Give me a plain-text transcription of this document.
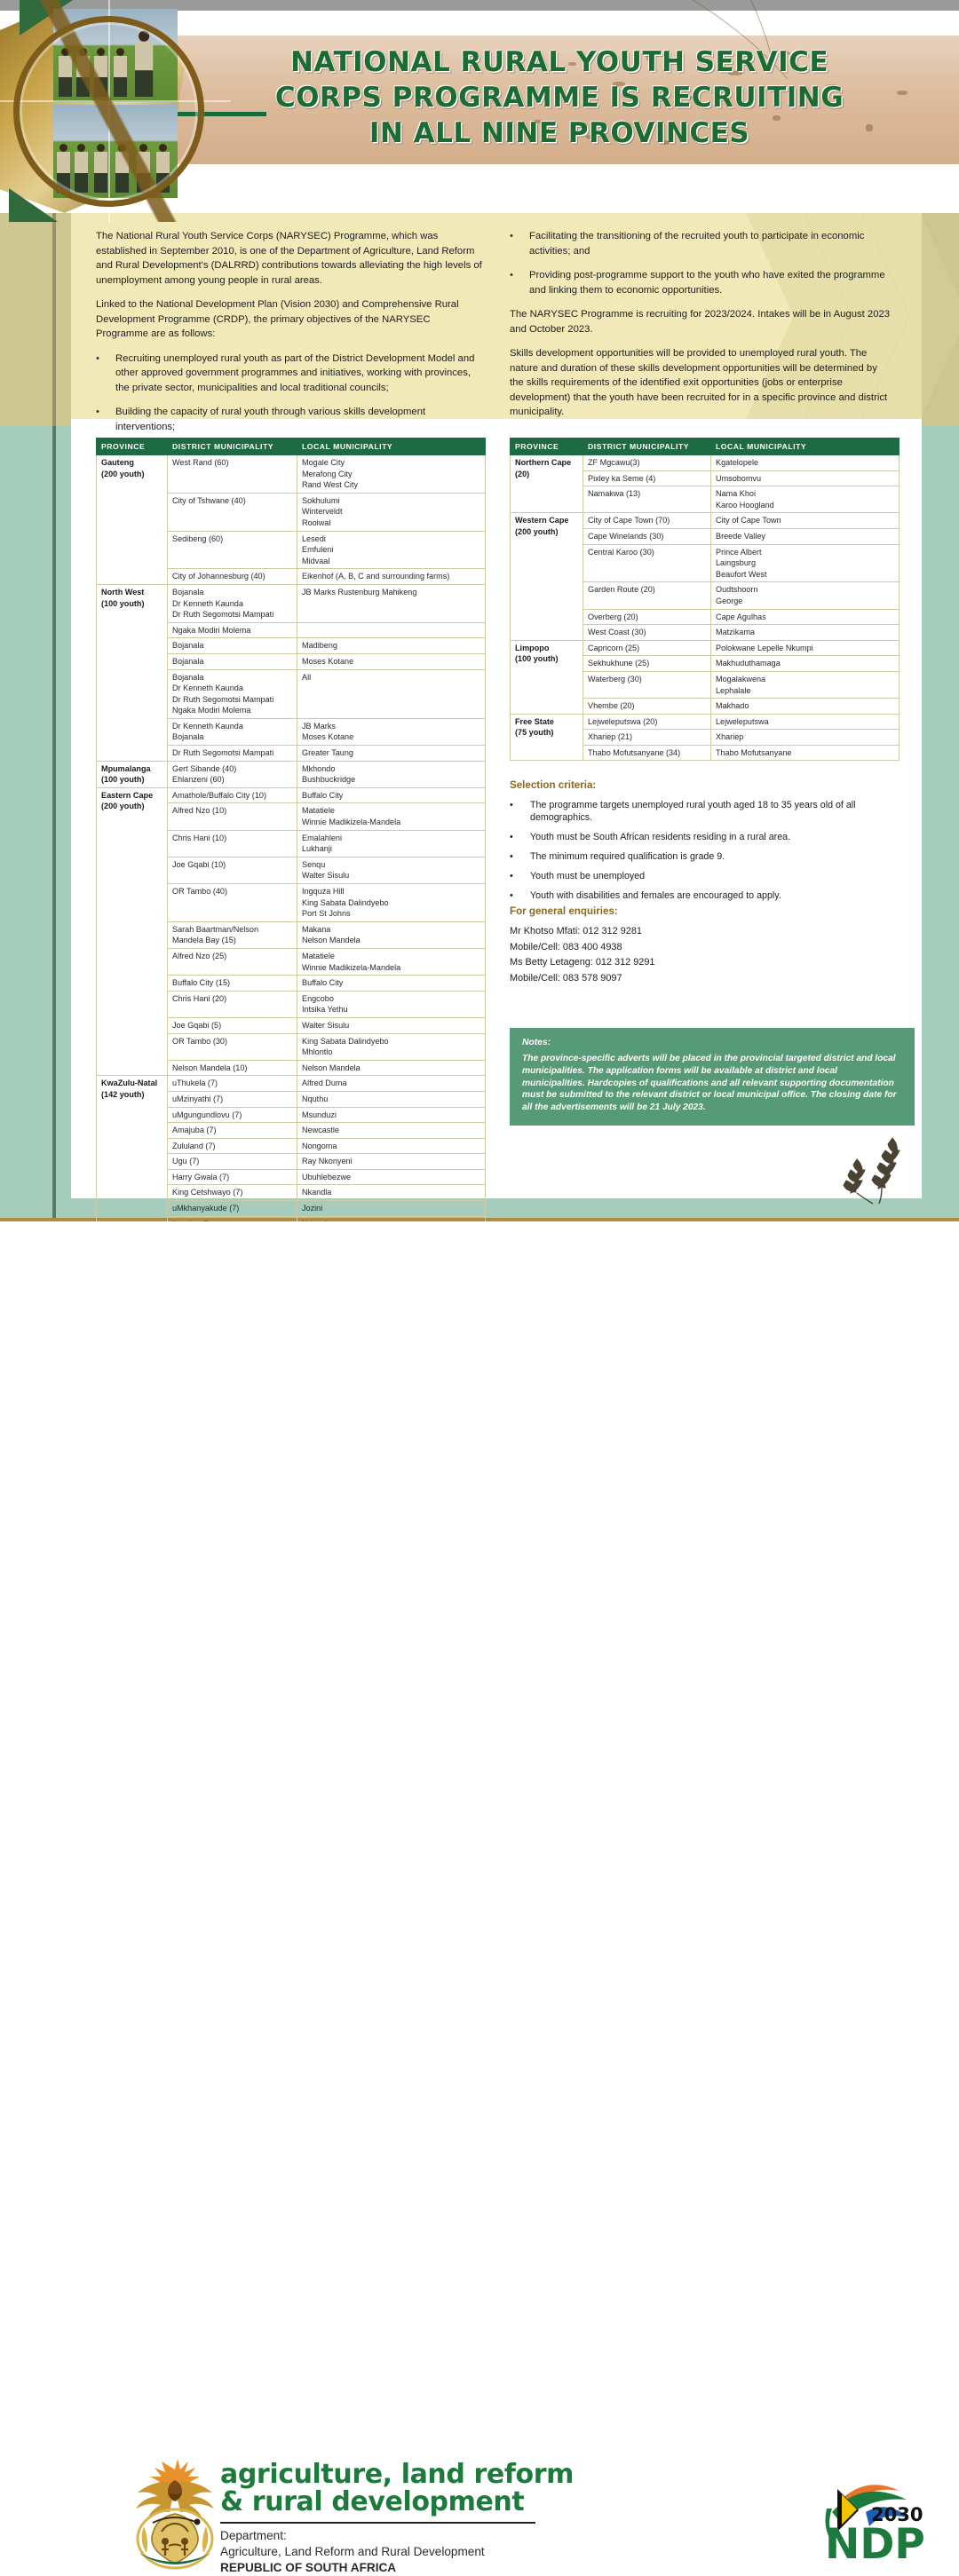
NATIONAL RURAL YOUTH SERVICE
CORPS PROGRAMME IS RECRUITING
IN ALL NINE PROVINCES

The National Rural Youth Service Corps (NARYSEC) Programme, which was established in September 2010, is one of the Department of Agriculture, Land Reform and Rural Development's (DALRRD) contributions towards alleviating the high levels of unemployment among young people in rural areas.

Linked to the National Development Plan (Vision 2030) and Comprehensive Rural Development Programme (CRDP), the primary objectives of the NARYSEC Programme are as follows:

•	Recruiting unemployed rural youth as part of the District Development Model and other approved government programmes and initiatives, working with provinces, the private sector, municipalities and local traditional councils;
•	Building the capacity of rural youth through various skills development interventions;
•	Facilitating the transitioning of the recruited youth to participate in economic activities; and
•	Providing post-programme support to the youth who have exited the programme and linking them to economic opportunities.

The NARYSEC Programme is recruiting for 2023/2024. Intakes will be in August 2023 and October 2023.

Skills development opportunities will be provided to unemployed rural youth. The nature and duration of these skills development opportunities will be determined by the skills requirements of the identified exit opportunities (jobs or enterprise development) that the youth have been recruited for in a specific province and district municipality.

PROVINCE	DISTRICT MUNICIPALITY	LOCAL MUNICIPALITY

Gauteng
(200 youth)	West Rand (60)	Mogale City
Merafong City
Rand West City

	City of Tshwane (40)	Sokhulumi
Winterveldt
Rooiwal

	Sedibeng (60)	Lesedi
Emfuleni
Midvaal

	City of Johannesburg (40)	Eikenhof (A, B, C and surrounding farms)

North West
(100 youth)	Bojanala
Dr Kenneth Kaunda
Dr Ruth Segomotsi Mampati	JB Marks Rustenburg Mahikeng

	Ngaka Modiri Molema	

	Bojanala	Madibeng

	Bojanala	Moses Kotane

	Bojanala
Dr Kenneth Kaunda
Dr Ruth Segomotsi Mampati
Ngaka Modiri Molema	All

	Dr Kenneth Kaunda
Bojanala	JB Marks
Moses Kotane

	Dr Ruth Segomotsi Mampati	Greater Taung

Mpumalanga
(100 youth)	Gert Sibande (40)
Ehlanzeni (60)	Mkhondo
Bushbuckridge

Eastern Cape
(200 youth)	Amathole/Buffalo City (10)	Buffalo City

	Alfred Nzo (10)	Matatiele
Winnie Madikizela-Mandela

	Chris Hani (10)	Emalahleni
Lukhanji

	Joe Gqabi (10)	Senqu
Walter Sisulu

	OR Tambo (40)	Ingquza Hill
King Sabata Dalindyebo
Port St Johns

	Sarah Baartman/Nelson
Mandela Bay (15)	Makana
Nelson Mandela

	Alfred Nzo (25)	Matatiele
Winnie Madikizela-Mandela

	Buffalo City (15)	Buffalo City

	Chris Hani (20)	Engcobo
Intsika Yethu

	Joe Gqabi (5)	Walter Sisulu

	OR Tambo (30)	King Sabata Dalindyebo
Mhlontlo

	Nelson Mandela (10)	Nelson Mandela

KwaZulu-Natal
(142 youth)	uThukela (7)	Alfred Duma

	uMzinyathi (7)	Nquthu

	uMgungundlovu (7)	Msunduzi

	Amajuba (7)	Newcastle

	Zululand (7)	Nongoma

	Ugu (7)	Ray Nkonyeni

	Harry Gwala (7)	Ubuhlebezwe

	King Cetshwayo (7)	Nkandla

	uMkhanyakude (7)	Jozini

PROVINCE	DISTRICT MUNICIPALITY	LOCAL MUNICIPALITY

Northern Cape
(20)	ZF Mgcawu(3)	Kgatelopele

	Pixley ka Seme (4)	Umsobomvu

	Namakwa (13)	Nama Khoi
Karoo Hoogland

Western Cape
(200 youth)	City of Cape Town (70)	City of Cape Town

	Cape Winelands (30)	Breede Valley

	Central Karoo (30)	Prince Albert
Laingsburg
Beaufort West

	Garden Route (20)	Oudtshoorn
George

	Overberg (20)	Cape Agulhas

	West Coast (30)	Matzikama

Limpopo
(100 youth)	Capricorn (25)	Polokwane Lepelle Nkumpi

	Sekhukhune (25)	Makhuduthamaga

	Waterberg (30)	Mogalakwena
Lephalale

	Vhembe (20)	Makhado

Free State
(75 youth)	Lejweleputswa (20)	Lejweleputswa

	Xhariep (21)	Xhariep

	Thabo Mofutsanyane (34)	Thabo Mofutsanyane
Selection criteria:
•	The programme targets unemployed rural youth aged 18 to 35 years old of all demographics.
•	Youth must be South African residents residing in a rural area.
•	The minimum required qualification is grade 9.
•	Youth must be unemployed
•	Youth with disabilities and females are encouraged to apply.
For general enquiries:
Mr Khotso Mfati: 012 312 9281
Mobile/Cell: 083 400 4938
Ms Betty Letageng: 012 312 9291
Mobile/Cell: 083 578 9097
Notes:
The province-specific adverts will be placed in the provincial targeted district and local municipalities. The application forms will be available at district and local municipalities. Hardcopies of qualifications and all relevant supporting documentation must be submitted to the relevant district or local municipal office. The closing date for all the advertisements will be 21 July 2023.
agriculture, land reform
& rural development
Department:
Agriculture, Land Reform and Rural Development
REPUBLIC OF SOUTH AFRICA
2030
NDP
